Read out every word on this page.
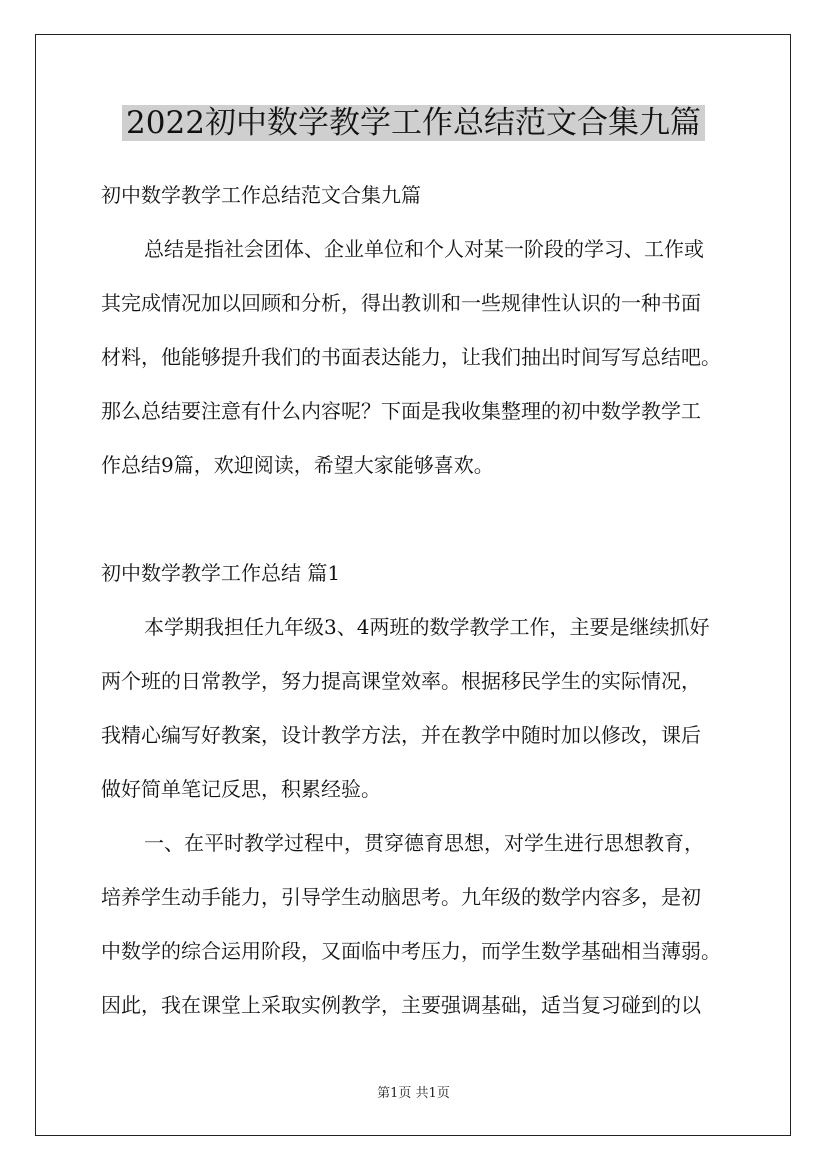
2022初中数学教学工作总结范文合集九篇
初中数学教学工作总结范文合集九篇
总结是指社会团体、企业单位和个人对某一阶段的学习、工作或
其完成情况加以回顾和分析，得出教训和一些规律性认识的一种书面
材料，他能够提升我们的书面表达能力，让我们抽出时间写写总结吧。
那么总结要注意有什么内容呢？下面是我收集整理的初中数学教学工
作总结9篇，欢迎阅读，希望大家能够喜欢。
初中数学教学工作总结 篇1
本学期我担任九年级3、4两班的数学教学工作，主要是继续抓好
两个班的日常教学，努力提高课堂效率。根据移民学生的实际情况，
我精心编写好教案，设计教学方法，并在教学中随时加以修改，课后
做好简单笔记反思，积累经验。
一、在平时教学过程中，贯穿德育思想，对学生进行思想教育，
培养学生动手能力，引导学生动脑思考。九年级的数学内容多，是初
中数学的综合运用阶段，又面临中考压力，而学生数学基础相当薄弱。
因此，我在课堂上采取实例教学，主要强调基础，适当复习碰到的以
第1页 共1页
